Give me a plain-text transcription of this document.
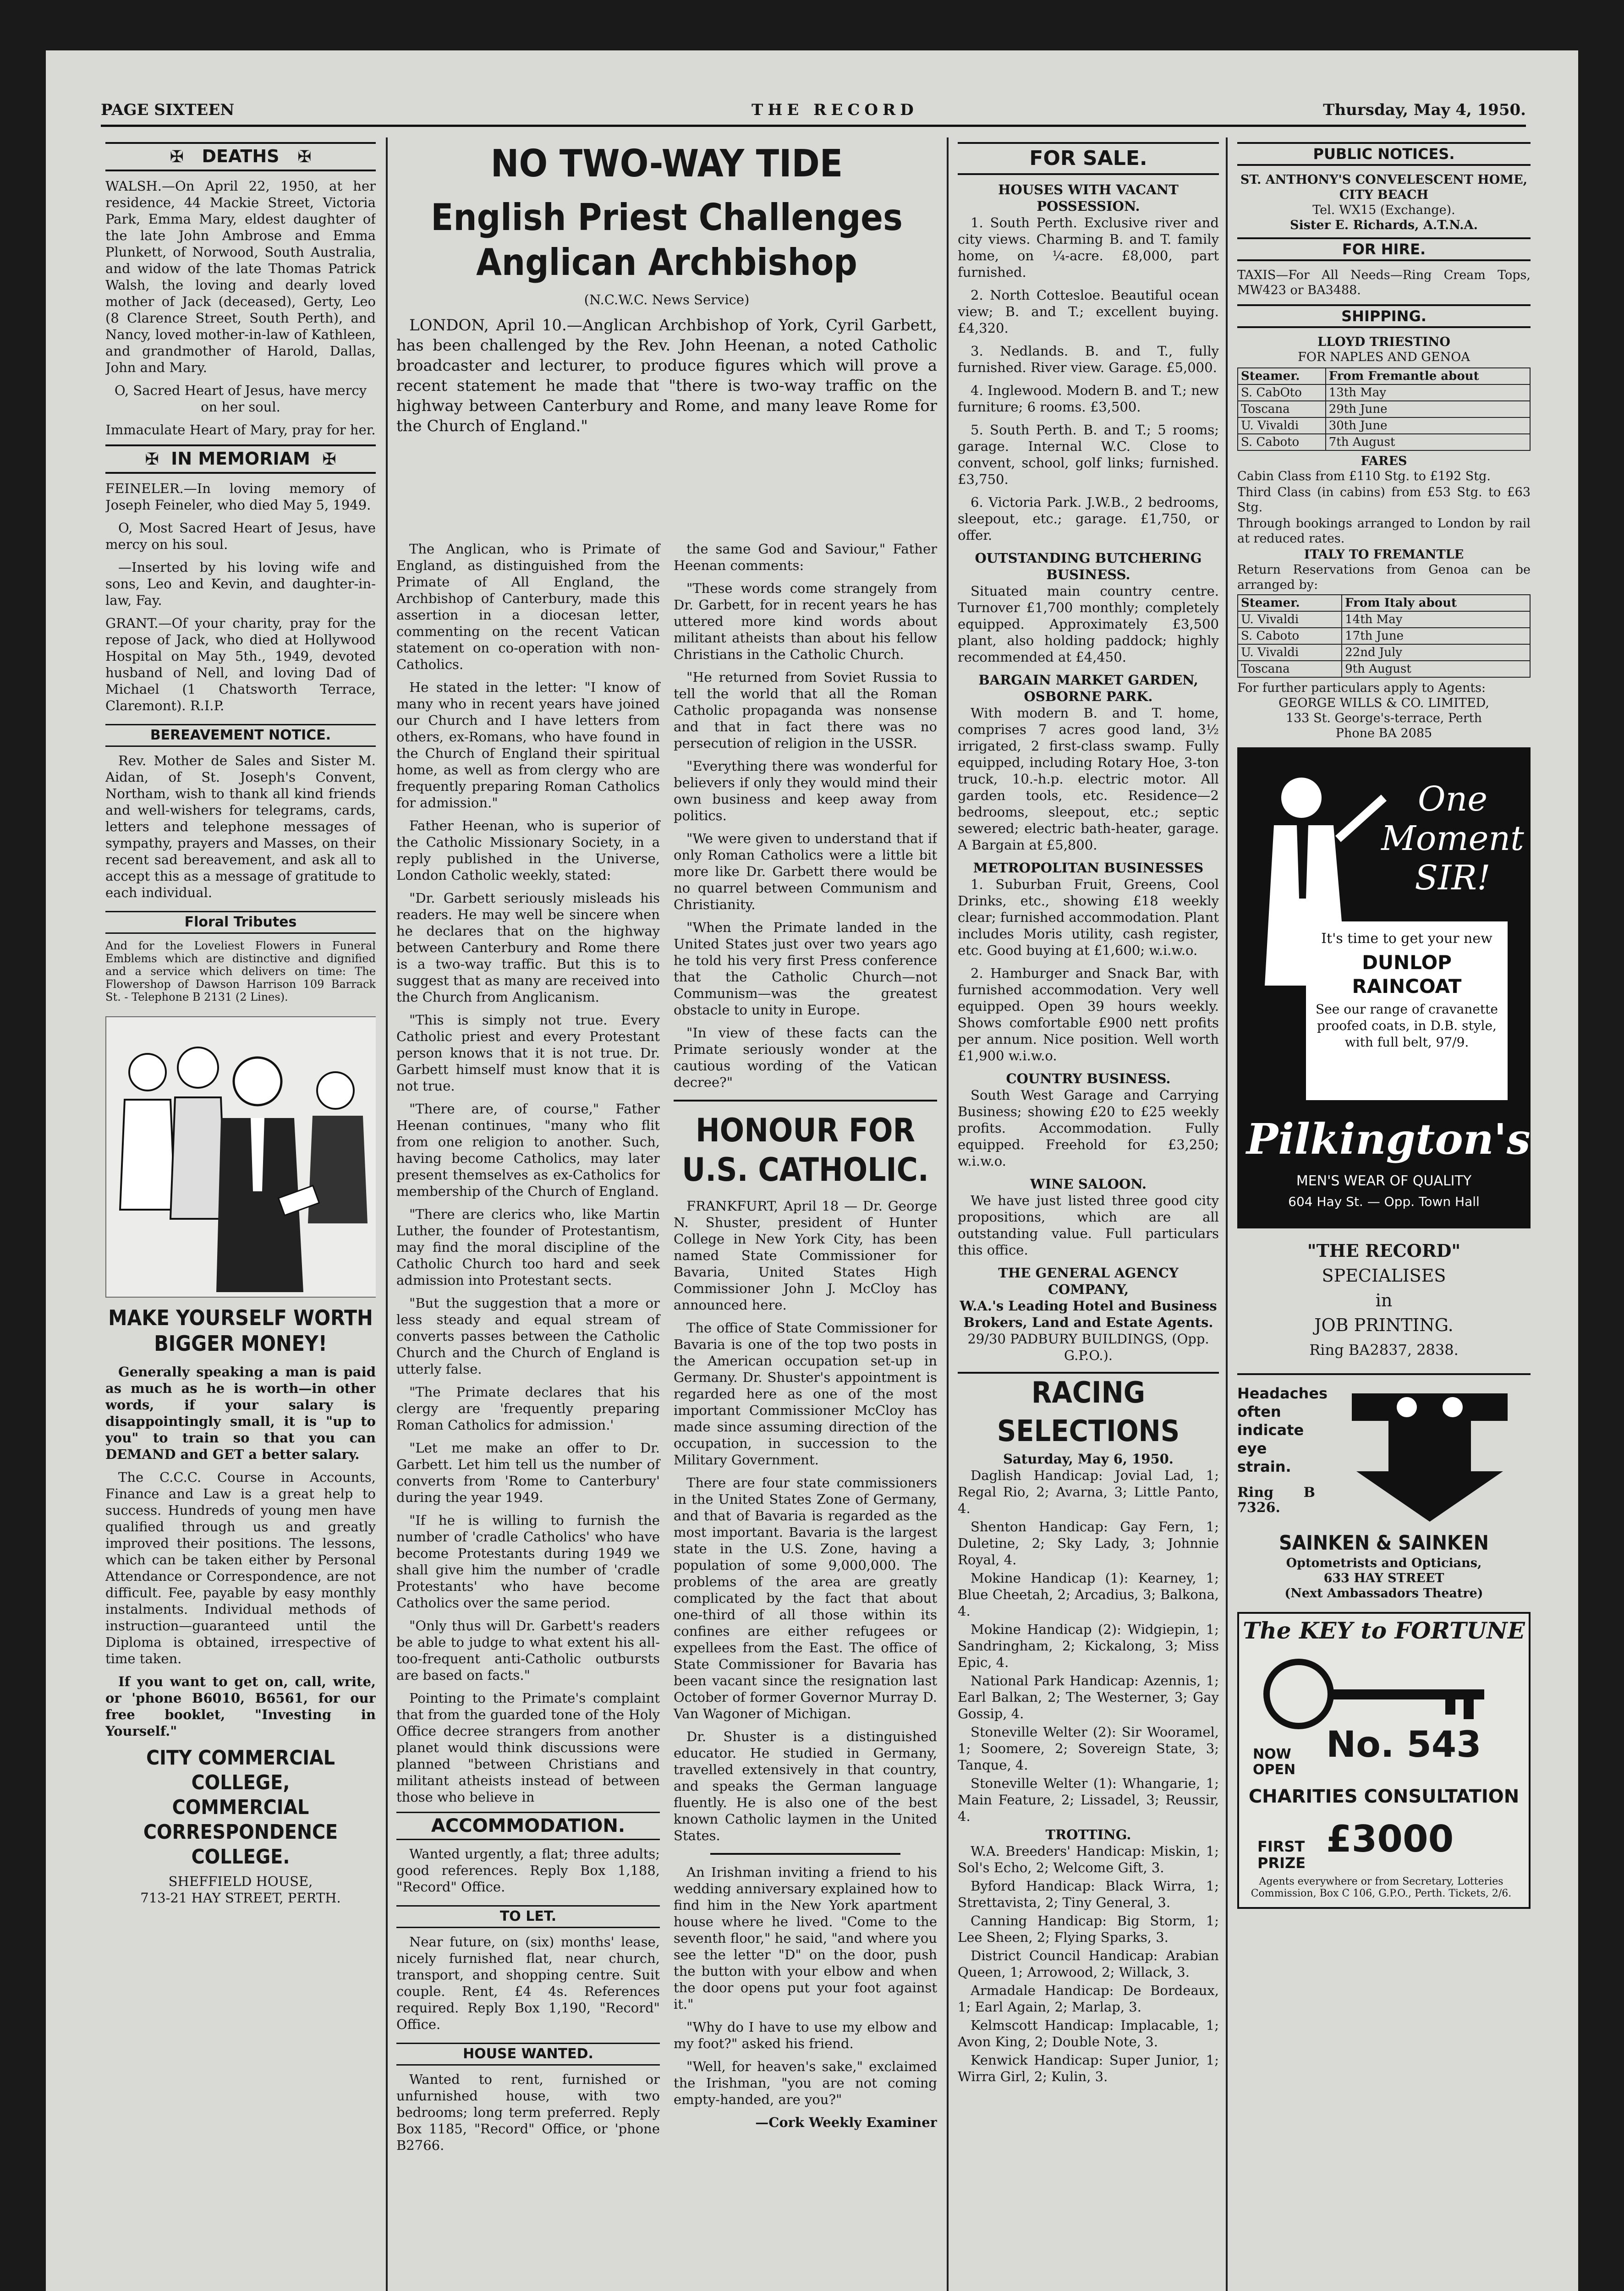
PAGE SIXTEEN	THE RECORD	Thursday, May 4, 1950.
✠ DEATHS ✠

WALSH.—On April 22, 1950, at her residence, 44 Mackie Street, Victoria Park, Emma Mary, eldest daughter of the late John Ambrose and Emma Plunkett, of Norwood, South Australia, and widow of the late Thomas Patrick Walsh, the loving and dearly loved mother of Jack (deceased), Gerty, Leo (8 Clarence Street, South Perth), and Nancy, loved mother-in-law of Kathleen, and grandmother of Harold, Dallas, John and Mary.

O, Sacred Heart of Jesus, have mercy on her soul.

Immaculate Heart of Mary, pray for her.

✠ IN MEMORIAM ✠

FEINELER.—In loving memory of Joseph Feineler, who died May 5, 1949.

O, Most Sacred Heart of Jesus, have mercy on his soul.

—Inserted by his loving wife and sons, Leo and Kevin, and daughter-in-law, Fay.

GRANT.—Of your charity, pray for the repose of Jack, who died at Hollywood Hospital on May 5th., 1949, devoted husband of Nell, and loving Dad of Michael (1 Chatsworth Terrace, Claremont). R.I.P.

BEREAVEMENT NOTICE.

Rev. Mother de Sales and Sister M. Aidan, of St. Joseph's Convent, Northam, wish to thank all kind friends and well-wishers for telegrams, cards, letters and telephone messages of sympathy, prayers and Masses, on their recent sad bereavement, and ask all to accept this as a message of gratitude to each individual.

Floral Tributes

And for the Loveliest Flowers in Funeral Emblems which are distinctive and dignified and a service which delivers on time: The Flowershop of Dawson Harrison 109 Barrack St. - Telephone B 2131 (2 Lines).

MAKE YOURSELF WORTH BIGGER MONEY!

Generally speaking a man is paid as much as he is worth—in other words, if your salary is disappointingly small, it is "up to you" to train so that you can DEMAND and GET a better salary.

The C.C.C. Course in Accounts, Finance and Law is a great help to success. Hundreds of young men have qualified through us and greatly improved their positions. The lessons, which can be taken either by Personal Attendance or Correspondence, are not difficult. Fee, payable by easy monthly instalments. Individual methods of instruction—guaranteed until the Diploma is obtained, irrespective of time taken.

If you want to get on, call, write, or 'phone B6010, B6561, for our free booklet, "Investing in Yourself."

CITY COMMERCIAL COLLEGE,
COMMERCIAL CORRESPONDENCE COLLEGE.
SHEFFIELD HOUSE,
713-21 HAY STREET, PERTH.
NO TWO-WAY TIDE
English Priest Challenges Anglican Archbishop
(N.C.W.C. News Service)

LONDON, April 10.—Anglican Archbishop of York, Cyril Garbett, has been challenged by the Rev. John Heenan, a noted Catholic broadcaster and lecturer, to produce figures which will prove a recent statement he made that "there is two-way traffic on the highway between Canterbury and Rome, and many leave Rome for the Church of England."

The Anglican, who is Primate of England, as distinguished from the Primate of All England, the Archbishop of Canterbury, made this assertion in a diocesan letter, commenting on the recent Vatican statement on co-operation with non-Catholics.

He stated in the letter: "I know of many who in recent years have joined our Church and I have letters from others, ex-Romans, who have found in the Church of England their spiritual home, as well as from clergy who are frequently preparing Roman Catholics for admission."

Father Heenan, who is superior of the Catholic Missionary Society, in a reply published in the Universe, London Catholic weekly, stated:

"Dr. Garbett seriously misleads his readers. He may well be sincere when he declares that on the highway between Canterbury and Rome there is a two-way traffic. But this is to suggest that as many are received into the Church from Anglicanism.

"This is simply not true. Every Catholic priest and every Protestant person knows that it is not true. Dr. Garbett himself must know that it is not true.

"There are, of course," Father Heenan continues, "many who flit from one religion to another. Such, having become Catholics, may later present themselves as ex-Catholics for membership of the Church of England.

"There are clerics who, like Martin Luther, the founder of Protestantism, may find the moral discipline of the Catholic Church too hard and seek admission into Protestant sects.

"But the suggestion that a more or less steady and equal stream of converts passes between the Catholic Church and the Church of England is utterly false.

"The Primate declares that his clergy are 'frequently preparing Roman Catholics for admission.'

"Let me make an offer to Dr. Garbett. Let him tell us the number of converts from 'Rome to Canterbury' during the year 1949.

"If he is willing to furnish the number of 'cradle Catholics' who have become Protestants during 1949 we shall give him the number of 'cradle Protestants' who have become Catholics over the same period.

"Only thus will Dr. Garbett's readers be able to judge to what extent his all-too-frequent anti-Catholic outbursts are based on facts."

Pointing to the Primate's complaint that from the guarded tone of the Holy Office decree strangers from another planet would think discussions were planned "between Christians and militant atheists instead of between those who believe in

ACCOMMODATION.

Wanted urgently, a flat; three adults; good references. Reply Box 1,188, "Record" Office.

TO LET.

Near future, on (six) months' lease, nicely furnished flat, near church, transport, and shopping centre. Suit couple. Rent, £4 4s. References required. Reply Box 1,190, "Record" Office.

HOUSE WANTED.

Wanted to rent, furnished or unfurnished house, with two bedrooms; long term preferred. Reply Box 1185, "Record" Office, or 'phone B2766.

the same God and Saviour," Father Heenan comments:

"These words come strangely from Dr. Garbett, for in recent years he has uttered more kind words about militant atheists than about his fellow Christians in the Catholic Church.

"He returned from Soviet Russia to tell the world that all the Roman Catholic propaganda was nonsense and that in fact there was no persecution of religion in the USSR.

"Everything there was wonderful for believers if only they would mind their own business and keep away from politics.

"We were given to understand that if only Roman Catholics were a little bit more like Dr. Garbett there would be no quarrel between Communism and Christianity.

"When the Primate landed in the United States just over two years ago he told his very first Press conference that the Catholic Church—not Communism—was the greatest obstacle to unity in Europe.

"In view of these facts can the Primate seriously wonder at the cautious wording of the Vatican decree?"

HONOUR FOR U.S. CATHOLIC.

FRANKFURT, April 18 — Dr. George N. Shuster, president of Hunter College in New York City, has been named State Commissioner for Bavaria, United States High Commissioner John J. McCloy has announced here.

The office of State Commissioner for Bavaria is one of the top two posts in the American occupation set-up in Germany. Dr. Shuster's appointment is regarded here as one of the most important Commissioner McCloy has made since assuming direction of the occupation, in succession to the Military Government.

There are four state commissioners in the United States Zone of Germany, and that of Bavaria is regarded as the most important. Bavaria is the largest state in the U.S. Zone, having a population of some 9,000,000. The problems of the area are greatly complicated by the fact that about one-third of all those within its confines are either refugees or expellees from the East. The office of State Commissioner for Bavaria has been vacant since the resignation last October of former Governor Murray D. Van Wagoner of Michigan.

Dr. Shuster is a distinguished educator. He studied in Germany, travelled extensively in that country, and speaks the German language fluently. He is also one of the best known Catholic laymen in the United States.

An Irishman inviting a friend to his wedding anniversary explained how to find him in the New York apartment house where he lived. "Come to the seventh floor," he said, "and where you see the letter "D" on the door, push the button with your elbow and when the door opens put your foot against it."

"Why do I have to use my elbow and my foot?" asked his friend.

"Well, for heaven's sake," exclaimed the Irishman, "you are not coming empty-handed, are you?"

—Cork Weekly Examiner
FOR SALE.
HOUSES WITH VACANT POSSESSION.

1. South Perth. Exclusive river and city views. Charming B. and T. family home, on ¼-acre. £8,000, part furnished.

2. North Cottesloe. Beautiful ocean view; B. and T.; excellent buying. £4,320.

3. Nedlands. B. and T., fully furnished. River view. Garage. £5,000.

4. Inglewood. Modern B. and T.; new furniture; 6 rooms. £3,500.

5. South Perth. B. and T.; 5 rooms; garage. Internal W.C. Close to convent, school, golf links; furnished. £3,750.

6. Victoria Park. J.W.B., 2 bedrooms, sleepout, etc.; garage. £1,750, or offer.

OUTSTANDING BUTCHERING BUSINESS.

Situated main country centre. Turnover £1,700 monthly; completely equipped. Approximately £3,500 plant, also holding paddock; highly recommended at £4,450.

BARGAIN MARKET GARDEN, OSBORNE PARK.

With modern B. and T. home, comprises 7 acres good land, 3½ irrigated, 2 first-class swamp. Fully equipped, including Rotary Hoe, 3-ton truck, 10.-h.p. electric motor. All garden tools, etc. Residence—2 bedrooms, sleepout, etc.; septic sewered; electric bath-heater, garage. A Bargain at £5,800.

METROPOLITAN BUSINESSES

1. Suburban Fruit, Greens, Cool Drinks, etc., showing £18 weekly clear; furnished accommodation. Plant includes Moris utility, cash register, etc. Good buying at £1,600; w.i.w.o.

2. Hamburger and Snack Bar, with furnished accommodation. Very well equipped. Open 39 hours weekly. Shows comfortable £900 nett profits per annum. Nice position. Well worth £1,900 w.i.w.o.

COUNTRY BUSINESS.

South West Garage and Carrying Business; showing £20 to £25 weekly profits. Accommodation. Fully equipped. Freehold for £3,250; w.i.w.o.

WINE SALOON.

We have just listed three good city propositions, which are all outstanding value. Full particulars this office.

THE GENERAL AGENCY COMPANY,
W.A.'s Leading Hotel and Business Brokers, Land and Estate Agents.
29/30 PADBURY BUILDINGS, (Opp. G.P.O.).
RACING SELECTIONS
Saturday, May 6, 1950.

Daglish Handicap: Jovial Lad, 1; Regal Rio, 2; Avarna, 3; Little Panto, 4.

Shenton Handicap: Gay Fern, 1; Duletine, 2; Sky Lady, 3; Johnnie Royal, 4.

Mokine Handicap (1): Kearney, 1; Blue Cheetah, 2; Arcadius, 3; Balkona, 4.

Mokine Handicap (2): Widgiepin, 1; Sandringham, 2; Kickalong, 3; Miss Epic, 4.

National Park Handicap: Azennis, 1; Earl Balkan, 2; The Westerner, 3; Gay Gossip, 4.

Stoneville Welter (2): Sir Wooramel, 1; Soomere, 2; Sovereign State, 3; Tanque, 4.

Stoneville Welter (1): Whangarie, 1; Main Feature, 2; Lissadel, 3; Reussir, 4.

TROTTING.

W.A. Breeders' Handicap: Miskin, 1; Sol's Echo, 2; Welcome Gift, 3.

Byford Handicap: Black Wirra, 1; Strettavista, 2; Tiny General, 3.

Canning Handicap: Big Storm, 1; Lee Sheen, 2; Flying Sparks, 3.

District Council Handicap: Arabian Queen, 1; Arrowood, 2; Willack, 3.

Armadale Handicap: De Bordeaux, 1; Earl Again, 2; Marlap, 3.

Kelmscott Handicap: Implacable, 1; Avon King, 2; Double Note, 3.

Kenwick Handicap: Super Junior, 1; Wirra Girl, 2; Kulin, 3.

PUBLIC NOTICES.
ST. ANTHONY'S CONVELESCENT HOME, CITY BEACH
Tel. WX15 (Exchange).
Sister E. Richards, A.T.N.A.
FOR HIRE.

TAXIS—For All Needs—Ring Cream Tops, MW423 or BA3488.

SHIPPING.
LLOYD TRIESTINO
FOR NAPLES AND GENOA
Steamer.	From Fremantle about
S. CabOto	13th May
Toscana	29th June
U. Vivaldi	30th June
S. Caboto	7th August
FARES

Cabin Class from £110 Stg. to £192 Stg.

Third Class (in cabins) from £53 Stg. to £63 Stg.

Through bookings arranged to London by rail at reduced rates.

ITALY TO FREMANTLE

Return Reservations from Genoa can be arranged by:

Steamer.	From Italy about
U. Vivaldi	14th May
S. Caboto	17th June
U. Vivaldi	22nd July
Toscana	9th August

For further particulars apply to Agents:

GEORGE WILLS & CO. LIMITED,
133 St. George's-terrace, Perth
Phone BA 2085
One Moment SIR!
It's time to get your new
DUNLOP RAINCOAT
See our range of cravanette proofed coats, in D.B. style, with full belt, 97/9.
Pilkington's
MEN'S WEAR OF QUALITY
604 Hay St. — Opp. Town Hall
"THE RECORD"
SPECIALISES
in
JOB PRINTING.
Ring BA2837, 2838.
Headaches often indicate eye strain.
Ring B 7326.
SAINKEN & SAINKEN
Optometrists and Opticians,
633 HAY STREET
(Next Ambassadors Theatre)
The KEY to FORTUNE
NOW OPEN
No. 543
CHARITIES CONSULTATION
FIRST PRIZE
£3000
Agents everywhere or from Secretary, Lotteries Commission, Box C 106, G.P.O., Perth. Tickets, 2/6.
